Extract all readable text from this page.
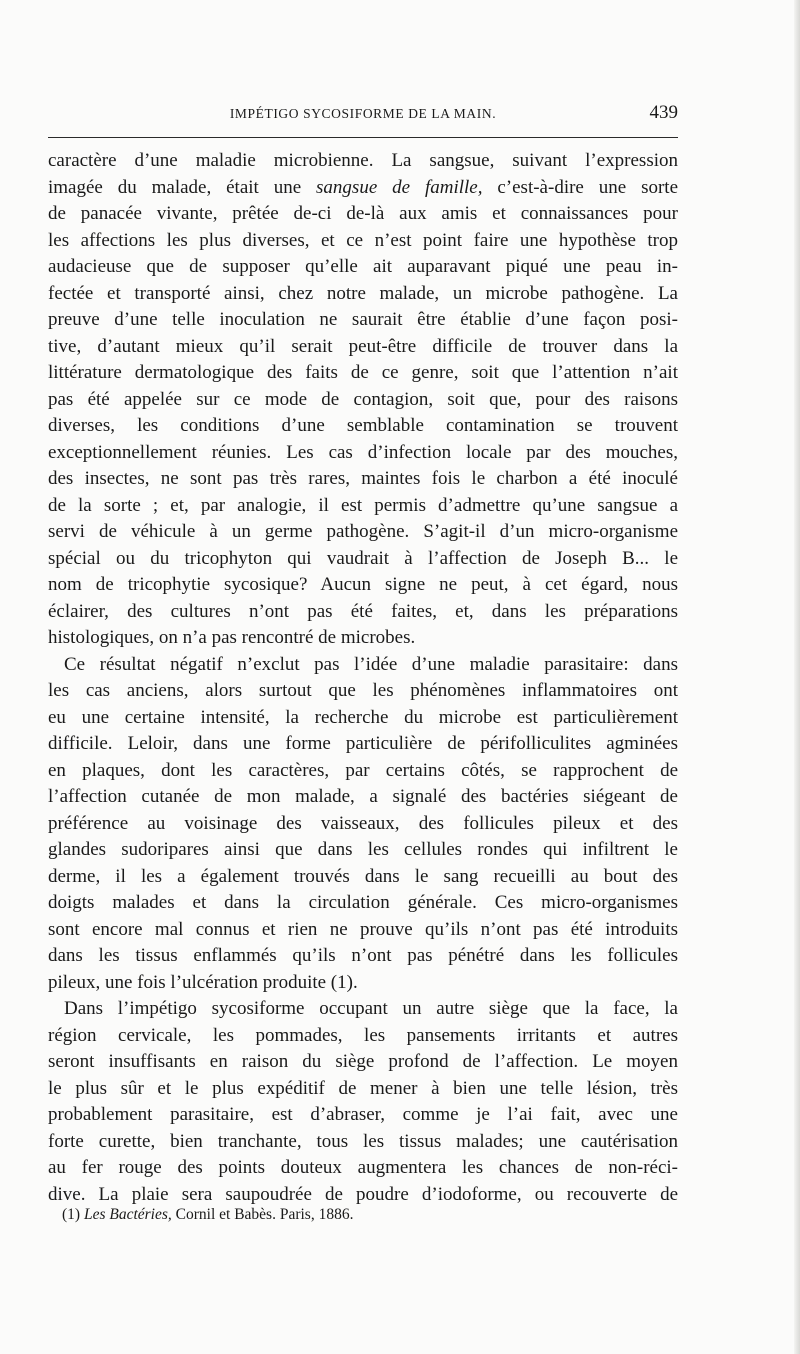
IMPÉTIGO SYCOSIFORME DE LA MAIN.	439
caractère d’une maladie microbienne. La sangsue, suivant l’expression
imagée du malade, était une sangsue de famille, c’est-à-dire une sorte
de panacée vivante, prêtée de-ci de-là aux amis et connaissances pour
les affections les plus diverses, et ce n’est point faire une hypothèse trop
audacieuse que de supposer qu’elle ait auparavant piqué une peau in-
fectée et transporté ainsi, chez notre malade, un microbe pathogène. La
preuve d’une telle inoculation ne saurait être établie d’une façon posi-
tive, d’autant mieux qu’il serait peut-être difficile de trouver dans la
littérature dermatologique des faits de ce genre, soit que l’attention n’ait
pas été appelée sur ce mode de contagion, soit que, pour des raisons
diverses, les conditions d’une semblable contamination se trouvent
exceptionnellement réunies. Les cas d’infection locale par des mouches,
des insectes, ne sont pas très rares, maintes fois le charbon a été inoculé
de la sorte ; et, par analogie, il est permis d’admettre qu’une sangsue a
servi de véhicule à un germe pathogène. S’agit-il d’un micro-organisme
spécial ou du tricophyton qui vaudrait à l’affection de Joseph B... le
nom de tricophytie sycosique? Aucun signe ne peut, à cet égard, nous
éclairer, des cultures n’ont pas été faites, et, dans les préparations
histologiques, on n’a pas rencontré de microbes.
Ce résultat négatif n’exclut pas l’idée d’une maladie parasitaire: dans
les cas anciens, alors surtout que les phénomènes inflammatoires ont
eu une certaine intensité, la recherche du microbe est particulièrement
difficile. Leloir, dans une forme particulière de périfolliculites agminées
en plaques, dont les caractères, par certains côtés, se rapprochent de
l’affection cutanée de mon malade, a signalé des bactéries siégeant de
préférence au voisinage des vaisseaux, des follicules pileux et des
glandes sudoripares ainsi que dans les cellules rondes qui infiltrent le
derme, il les a également trouvés dans le sang recueilli au bout des
doigts malades et dans la circulation générale. Ces micro-organismes
sont encore mal connus et rien ne prouve qu’ils n’ont pas été introduits
dans les tissus enflammés qu’ils n’ont pas pénétré dans les follicules
pileux, une fois l’ulcération produite (1).
Dans l’impétigo sycosiforme occupant un autre siège que la face, la
région cervicale, les pommades, les pansements irritants et autres
seront insuffisants en raison du siège profond de l’affection. Le moyen
le plus sûr et le plus expéditif de mener à bien une telle lésion, très
probablement parasitaire, est d’abraser, comme je l’ai fait, avec une
forte curette, bien tranchante, tous les tissus malades; une cautérisation
au fer rouge des points douteux augmentera les chances de non-réci-
dive. La plaie sera saupoudrée de poudre d’iodoforme, ou recouverte de
(1) Les Bactéries, Cornil et Babès. Paris, 1886.
